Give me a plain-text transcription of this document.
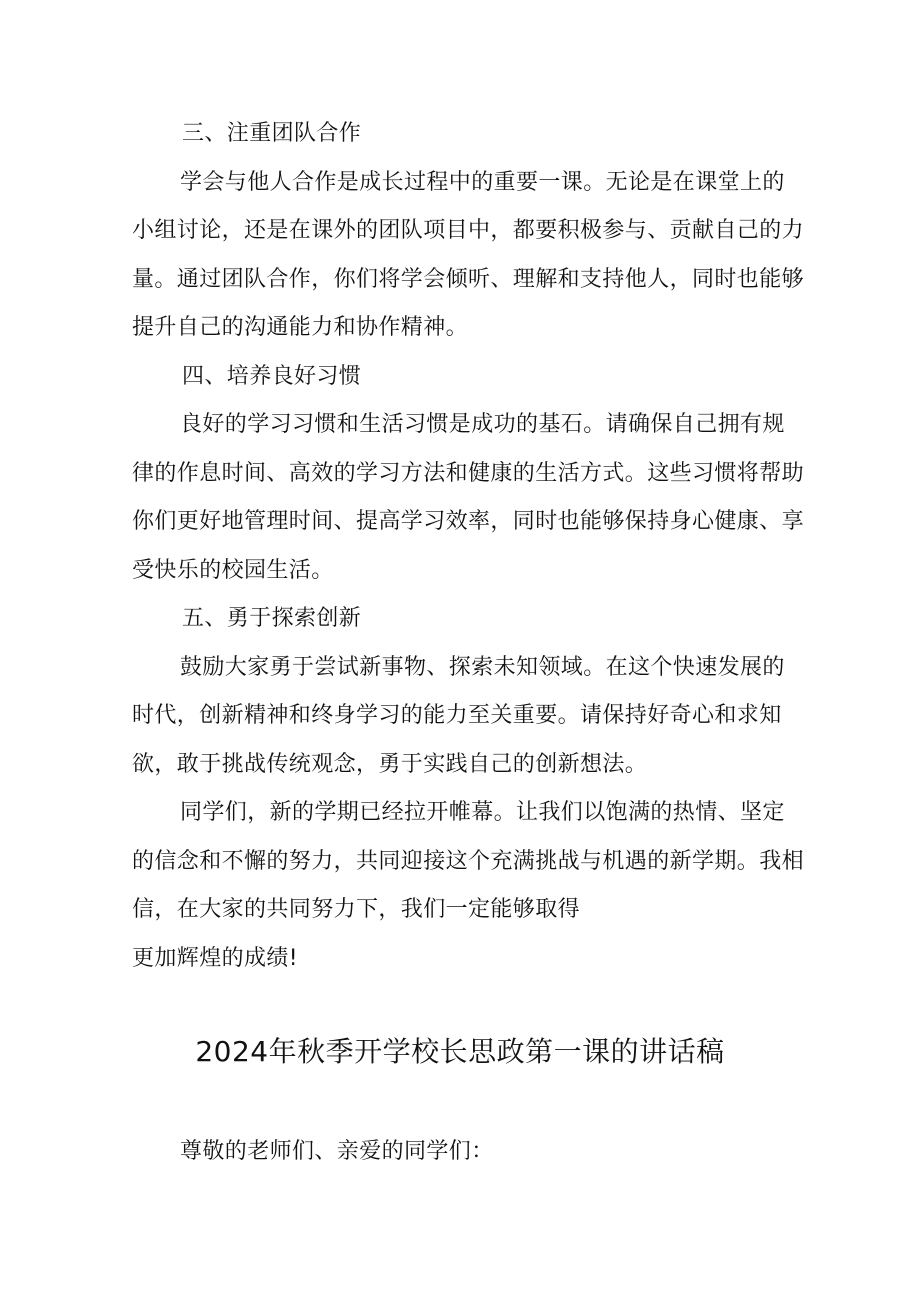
三、注重团队合作

学会与他人合作是成长过程中的重要一课。无论是在课堂上的小组讨论，还是在课外的团队项目中，都要积极参与、贡献自己的力量。通过团队合作，你们将学会倾听、理解和支持他人，同时也能够提升自己的沟通能力和协作精神。

四、培养良好习惯

良好的学习习惯和生活习惯是成功的基石。请确保自己拥有规律的作息时间、高效的学习方法和健康的生活方式。这些习惯将帮助你们更好地管理时间、提高学习效率，同时也能够保持身心健康、享受快乐的校园生活。

五、勇于探索创新

鼓励大家勇于尝试新事物、探索未知领域。在这个快速发展的时代，创新精神和终身学习的能力至关重要。请保持好奇心和求知欲，敢于挑战传统观念，勇于实践自己的创新想法。

同学们，新的学期已经拉开帷幕。让我们以饱满的热情、坚定的信念和不懈的努力，共同迎接这个充满挑战与机遇的新学期。我相信，在大家的共同努力下，我们一定能够取得

更加辉煌的成绩!

2024年秋季开学校长思政第一课的讲话稿

尊敬的老师们、亲爱的同学们：
